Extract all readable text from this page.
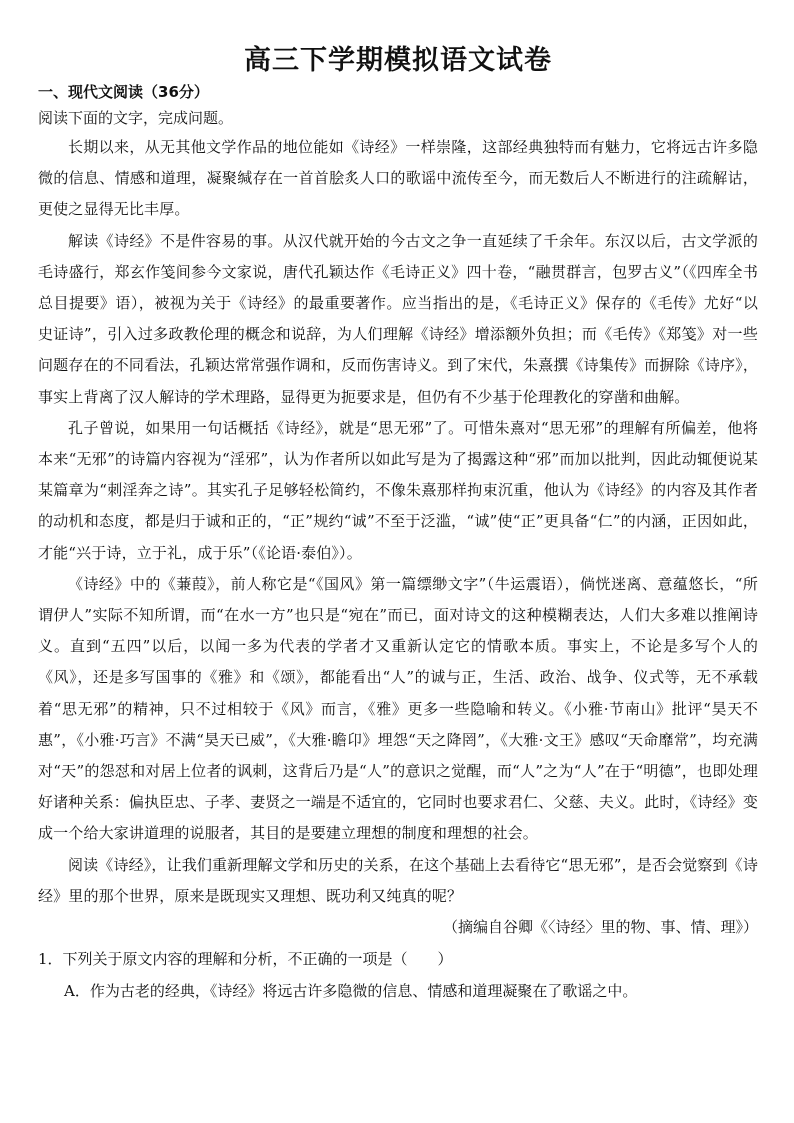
高三下学期模拟语文试卷
一、现代文阅读（36分）
阅读下面的文字，完成问题。

长期以来，从无其他文学作品的地位能如《诗经》一样崇隆，这部经典独特而有魅力，它将远古许多隐微的信息、情感和道理，凝聚缄存在一首首脍炙人口的歌谣中流传至今，而无数后人不断进行的注疏解诂，更使之显得无比丰厚。

解读《诗经》不是件容易的事。从汉代就开始的今古文之争一直延续了千余年。东汉以后，古文学派的毛诗盛行，郑玄作笺间参今文家说，唐代孔颖达作《毛诗正义》四十卷，“融贯群言，包罗古义”（《四库全书总目提要》语），被视为关于《诗经》的最重要著作。应当指出的是，《毛诗正义》保存的《毛传》尤好“以史证诗”，引入过多政教伦理的概念和说辞，为人们理解《诗经》增添额外负担；而《毛传》《郑笺》对一些问题存在的不同看法，孔颖达常常强作调和，反而伤害诗义。到了宋代，朱熹撰《诗集传》而摒除《诗序》，事实上背离了汉人解诗的学术理路，显得更为扼要求是，但仍有不少基于伦理教化的穿凿和曲解。

孔子曾说，如果用一句话概括《诗经》，就是“思无邪”了。可惜朱熹对“思无邪”的理解有所偏差，他将本来“无邪”的诗篇内容视为“淫邪”，认为作者所以如此写是为了揭露这种“邪”而加以批判，因此动辄便说某某篇章为“刺淫奔之诗”。其实孔子足够轻松简约，不像朱熹那样拘束沉重，他认为《诗经》的内容及其作者的动机和态度，都是归于诚和正的，“正”规约“诚”不至于泛滥，“诚”使“正”更具备“仁”的内涵，正因如此，才能“兴于诗，立于礼，成于乐”（《论语·泰伯》）。

《诗经》中的《蒹葭》，前人称它是“《国风》第一篇缥缈文字”（牛运震语），倘恍迷离、意蕴悠长，“所谓伊人”实际不知所谓，而“在水一方”也只是“宛在”而已，面对诗文的这种模糊表达，人们大多难以推阐诗义。直到“五四”以后，以闻一多为代表的学者才又重新认定它的情歌本质。事实上，不论是多写个人的《风》，还是多写国事的《雅》和《颂》，都能看出“人”的诚与正，生活、政治、战争、仪式等，无不承载着“思无邪”的精神，只不过相较于《风》而言，《雅》更多一些隐喻和转义。《小雅·节南山》批评“昊天不惠”，《小雅·巧言》不满“昊天已威”，《大雅·瞻卬》埋怨“天之降罔”，《大雅·文王》感叹“天命靡常”，均充满对“天”的怨怼和对居上位者的讽刺，这背后乃是“人”的意识之觉醒，而“人”之为“人”在于“明德”，也即处理好诸种关系：偏执臣忠、子孝、妻贤之一端是不适宜的，它同时也要求君仁、父慈、夫义。此时，《诗经》变成一个给大家讲道理的说服者，其目的是要建立理想的制度和理想的社会。

阅读《诗经》，让我们重新理解文学和历史的关系，在这个基础上去看待它“思无邪”，是否会觉察到《诗经》里的那个世界，原来是既现实又理想、既功利又纯真的呢？

（摘编自谷卿《〈诗经〉里的物、事、情、理》）
1．下列关于原文内容的理解和分析，不正确的一项是（　　）
A．作为古老的经典，《诗经》将远古许多隐微的信息、情感和道理凝聚在了歌谣之中。
